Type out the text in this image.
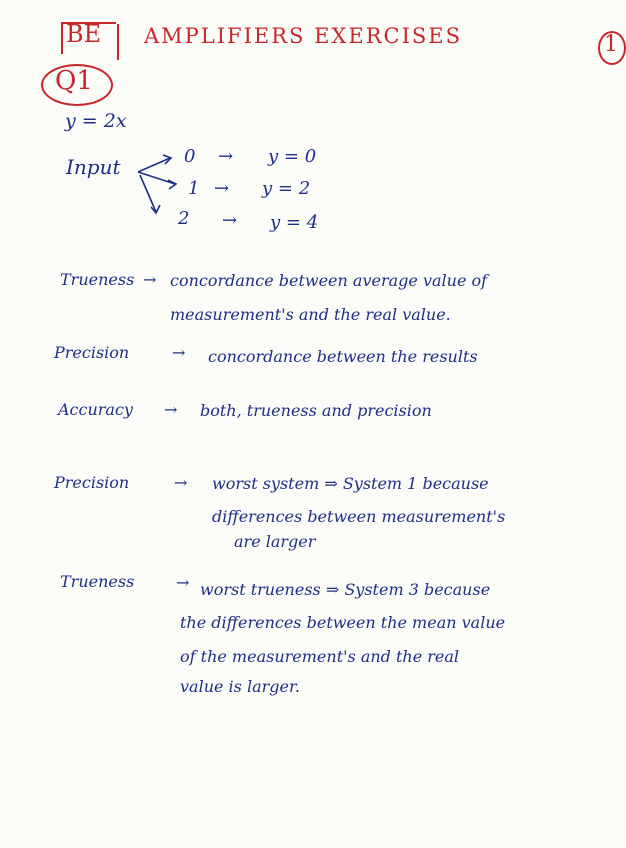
BE AMPLIFIERS EXERCISES	1
Q1
y = 2x
Input	0 → y = 0
1 → y = 2
2 → y = 4
Trueness → concordance between average value of
measurement's and the real value.
Precision	→ concordance between the results
Accuracy → both, trueness and precision
Precision	→ worst system ⇒ System 1 because
differences between measurement's
are larger
Trueness	→ worst trueness ⇒ System 3 because
the differences between the mean value
of the measurement's and the real
value is larger.
